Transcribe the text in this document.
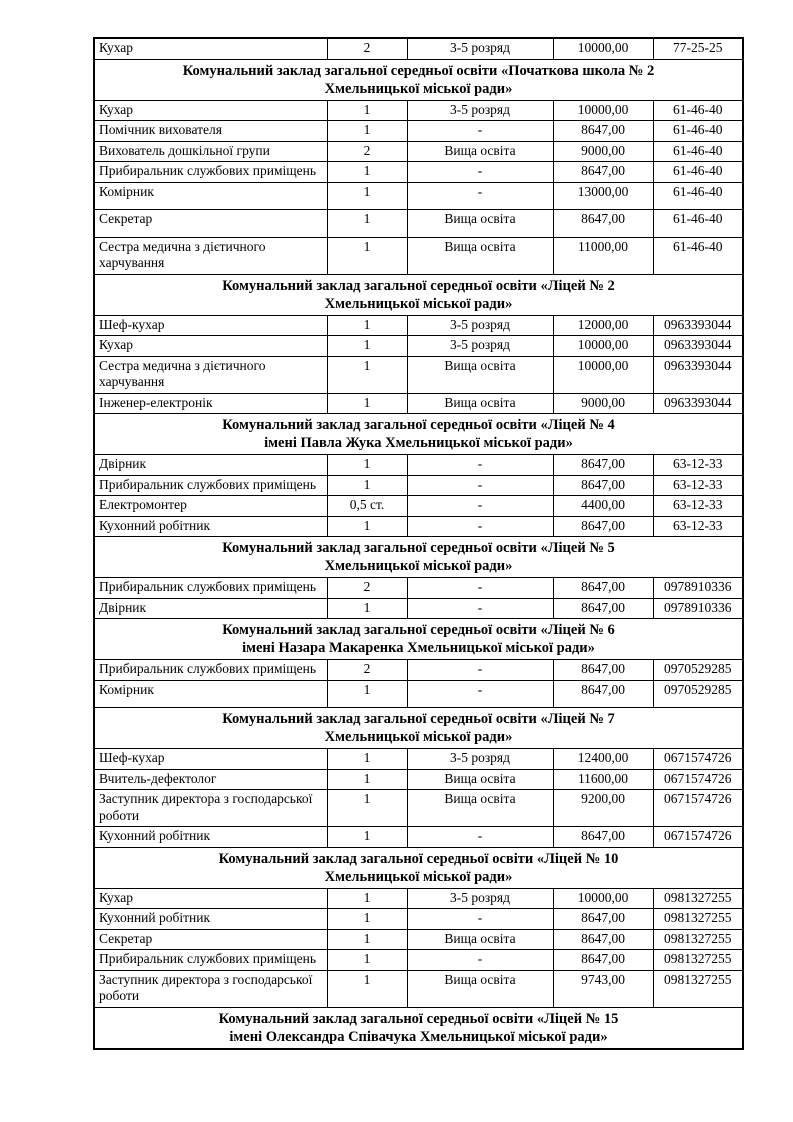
Кухар	2	3-5 розряд	10000,00	77-25-25

Комунальний заклад загальної середньої освіти «Початкова школа № 2
Хмельницької міської ради»				

Кухар	1	3-5 розряд	10000,00	61-46-40
Помічник вихователя	1	-	8647,00	61-46-40
Вихователь дошкільної групи	2	Вища освіта	9000,00	61-46-40
Прибиральник службових приміщень	1	-	8647,00	61-46-40
Комірник	1	-	13000,00	61-46-40
Секретар	1	Вища освіта	8647,00	61-46-40
Сестра медична з дієтичного харчування	1	Вища освіта	11000,00	61-46-40

Комунальний заклад загальної середньої освіти «Ліцей № 2
Хмельницької міської ради»				

Шеф-кухар	1	3-5 розряд	12000,00	0963393044
Кухар	1	3-5 розряд	10000,00	0963393044
Сестра медична з дієтичного харчування	1	Вища освіта	10000,00	0963393044
Інженер-електронік	1	Вища освіта	9000,00	0963393044

Комунальний заклад загальної середньої освіти «Ліцей № 4
імені Павла Жука Хмельницької міської ради»				

Двірник	1	-	8647,00	63-12-33
Прибиральник службових приміщень	1	-	8647,00	63-12-33
Електромонтер	0,5 ст.	-	4400,00	63-12-33
Кухонний робітник	1	-	8647,00	63-12-33

Комунальний заклад загальної середньої освіти «Ліцей № 5
Хмельницької міської ради»				

Прибиральник службових приміщень	2	-	8647,00	0978910336
Двірник	1	-	8647,00	0978910336

Комунальний заклад загальної середньої освіти «Ліцей № 6
імені Назара Макаренка Хмельницької міської ради»				

Прибиральник службових приміщень	2	-	8647,00	0970529285
Комірник	1	-	8647,00	0970529285

Комунальний заклад загальної середньої освіти «Ліцей № 7
Хмельницької міської ради»				

Шеф-кухар	1	3-5 розряд	12400,00	0671574726
Вчитель-дефектолог	1	Вища освіта	11600,00	0671574726
Заступник директора з господарської роботи	1	Вища освіта	9200,00	0671574726
Кухонний робітник	1	-	8647,00	0671574726

Комунальний заклад загальної середньої освіти «Ліцей № 10
Хмельницької міської ради»				

Кухар	1	3-5 розряд	10000,00	0981327255
Кухонний робітник	1	-	8647,00	0981327255
Секретар	1	Вища освіта	8647,00	0981327255
Прибиральник службових приміщень	1	-	8647,00	0981327255
Заступник директора з господарської роботи	1	Вища освіта	9743,00	0981327255

Комунальний заклад загальної середньої освіти «Ліцей № 15
імені Олександра Співачука Хмельницької міської ради»				
